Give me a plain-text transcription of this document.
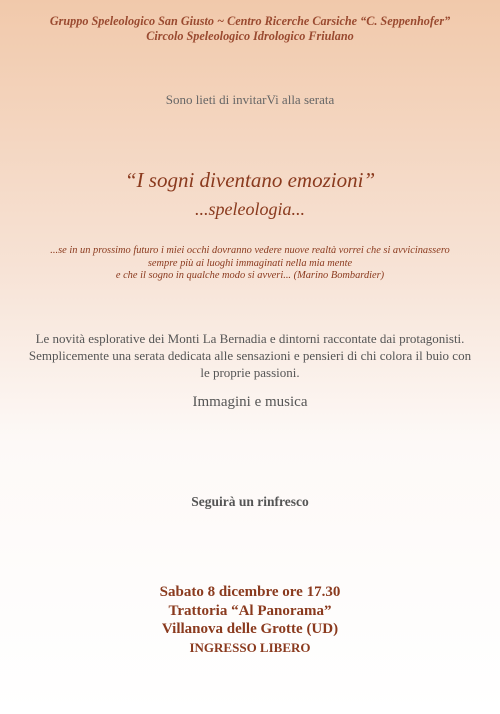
Gruppo Speleologico San Giusto ~ Centro Ricerche Carsiche “C. Seppenhofer”
Circolo Speleologico Idrologico Friulano
Sono lieti di invitarVi alla serata
“I sogni diventano emozioni”
...speleologia...
...se in un prossimo futuro i miei occhi dovranno vedere nuove realtà vorrei che si avvicinassero
sempre più ai luoghi immaginati nella mia mente
e che il sogno in qualche modo si avveri... (Marino Bombardier)
Le novità esplorative dei Monti La Bernadia e dintorni raccontate dai protagonisti.
Semplicemente una serata dedicata alle sensazioni e pensieri di chi colora il buio con
le proprie passioni.
Immagini e musica
Seguirà un rinfresco
Sabato 8 dicembre ore 17.30
Trattoria “Al Panorama”
Villanova delle Grotte (UD)
INGRESSO LIBERO
